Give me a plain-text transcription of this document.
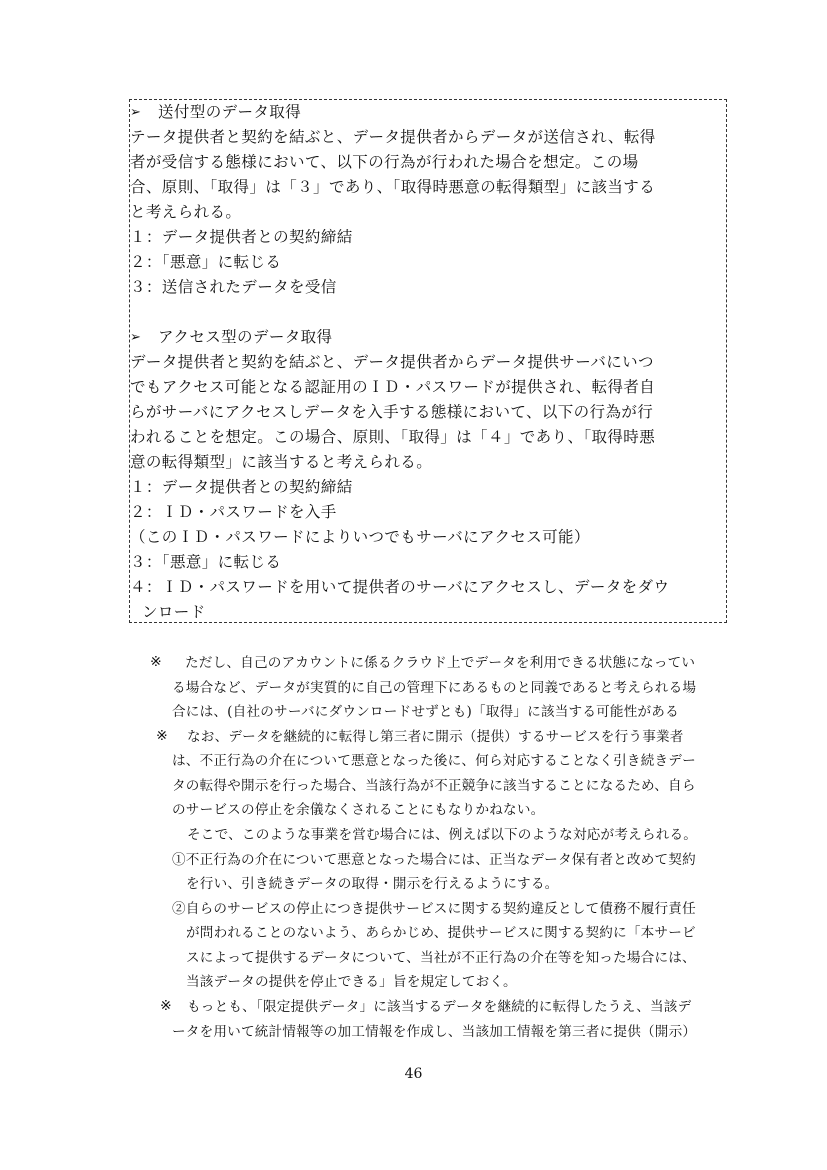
➢	送付型のデータ取得
テータ提供者と契約を結ぶと、データ提供者からデータが送信され、転得
者が受信する態様において、以下の行為が行われた場合を想定。この場
合、原則、「取得」は「３」であり、「取得時悪意の転得類型」に該当する
と考えられる。
１：データ提供者との契約締結
２：「悪意」に転じる
３：送信されたデータを受信
➢	アクセス型のデータ取得
データ提供者と契約を結ぶと、データ提供者からデータ提供サーバにいつ
でもアクセス可能となる認証用のＩＤ・パスワードが提供され、転得者自
らがサーバにアクセスしデータを入手する態様において、以下の行為が行
われることを想定。この場合、原則、「取得」は「４」であり、「取得時悪
意の転得類型」に該当すると考えられる。
１：データ提供者との契約締結
２：ＩＤ・パスワードを入手
（このＩＤ・パスワードによりいつでもサーバにアクセス可能）
３：「悪意」に転じる
４：ＩＤ・パスワードを用いて提供者のサーバにアクセスし、データをダウ
ンロード
※ ただし、自己のアカウントに係るクラウド上でデータを利用できる状態になってい
る場合など、データが実質的に自己の管理下にあるものと同義であると考えられる場
合には、(自社のサーバにダウンロードせずとも)「取得」に該当する可能性がある
※ なお、データを継続的に転得し第三者に開示（提供）するサービスを行う事業者
は、不正行為の介在について悪意となった後に、何ら対応することなく引き続きデー
タの転得や開示を行った場合、当該行為が不正競争に該当することになるため、自ら
のサービスの停止を余儀なくされることにもなりかねない。
そこで、このような事業を営む場合には、例えば以下のような対応が考えられる。
①不正行為の介在について悪意となった場合には、正当なデータ保有者と改めて契約
を行い、引き続きデータの取得・開示を行えるようにする。
②自らのサービスの停止につき提供サービスに関する契約違反として債務不履行責任
が問われることのないよう、あらかじめ、提供サービスに関する契約に「本サービ
スによって提供するデータについて、当社が不正行為の介在等を知った場合には、
当該データの提供を停止できる」旨を規定しておく。
※ もっとも、「限定提供データ」に該当するデータを継続的に転得したうえ、当該デ
ータを用いて統計情報等の加工情報を作成し、当該加工情報を第三者に提供（開示）
46
